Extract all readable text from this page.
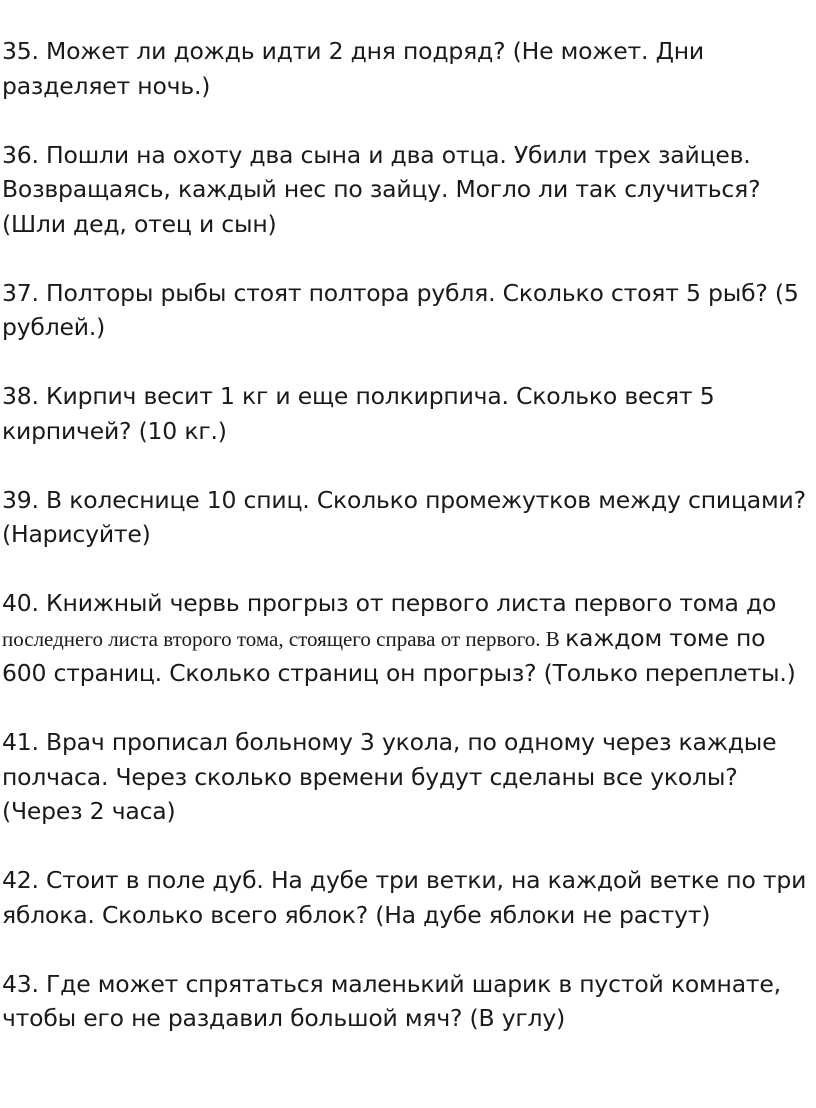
35. Может ли дождь идти 2 дня подряд? (Не может. Дни разделяет ночь.)

36. Пошли на охоту два сына и два отца. Убили трех зайцев. Возвращаясь, каждый нес по зайцу. Могло ли так случиться? (Шли дед, отец и сын)

37. Полторы рыбы стоят полтора рубля. Сколько стоят 5 рыб? (5 рублей.)

38. Кирпич весит 1 кг и еще полкирпича. Сколько весят 5 кирпичей? (10 кг.)

39. В колеснице 10 спиц. Сколько промежутков между спицами? (Нарисуйте)

40. Книжный червь прогрыз от первого листа первого тома до последнего листа второго тома, стоящего справа от первого. В каждом томе по 600 страниц. Сколько страниц он прогрыз? (Только переплеты.)

41. Врач прописал больному 3 укола, по одному через каждые полчаса. Через сколько времени будут сделаны все уколы? (Через 2 часа)

42. Стоит в поле дуб. На дубе три ветки, на каждой ветке по три яблока. Сколько всего яблок? (На дубе яблоки не растут)

43. Где может спрятаться маленький шарик в пустой комнате, чтобы его не раздавил большой мяч? (В углу)
